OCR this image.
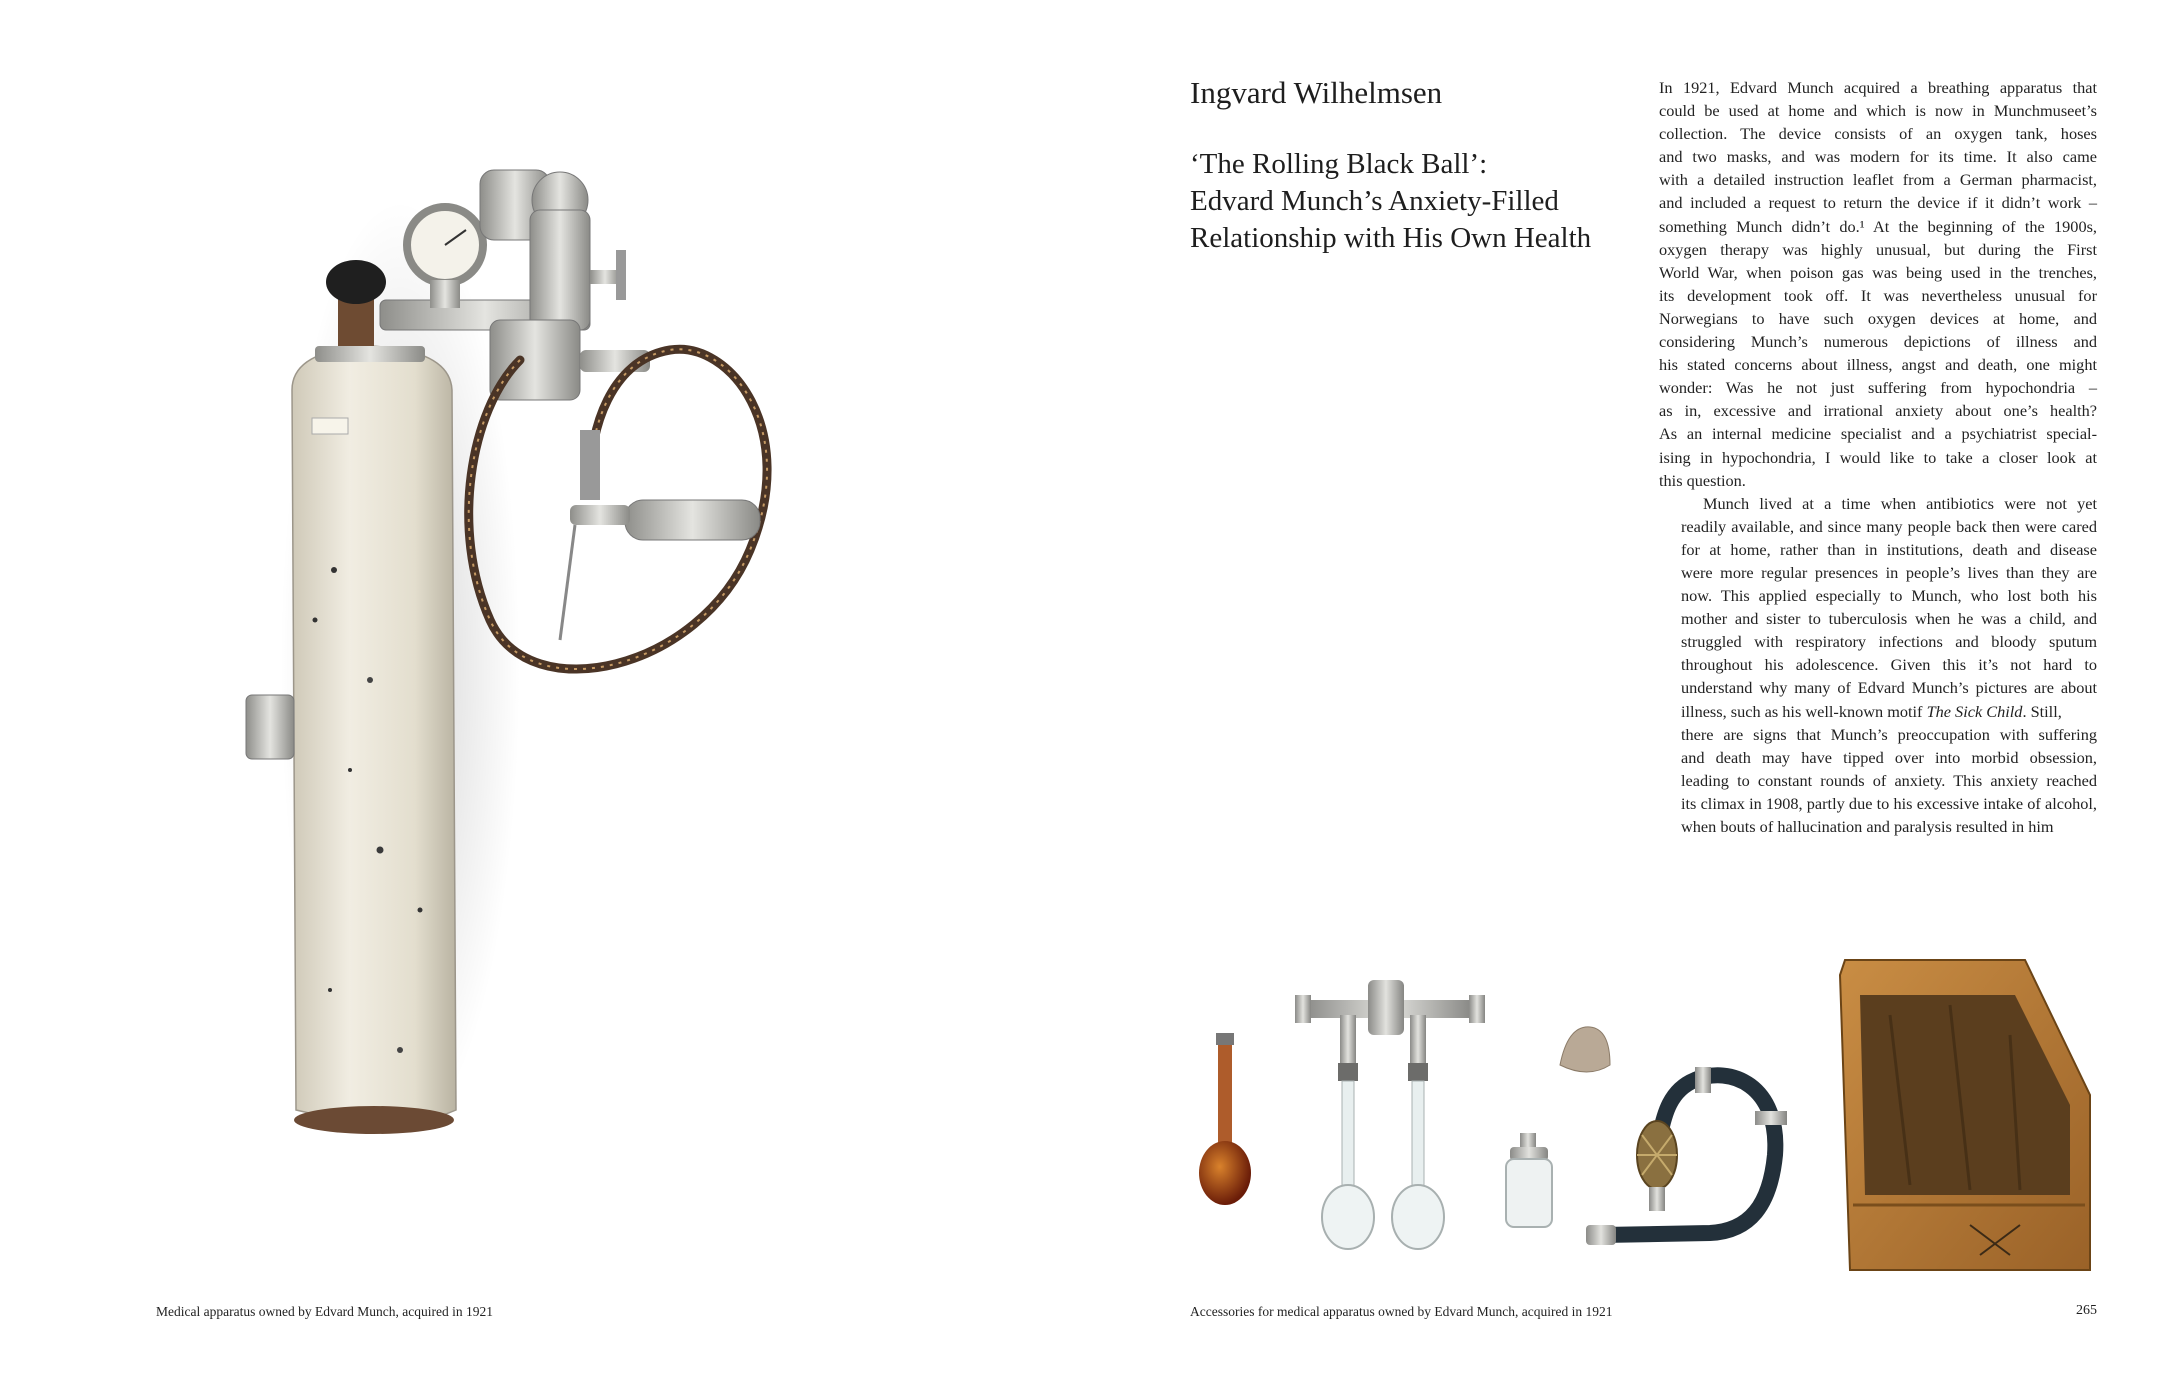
Medical apparatus owned by Edvard Munch, acquired in 1921
Ingvard Wilhelmsen
‘The Rolling Black Ball’:
Edvard Munch’s Anxiety-Filled
Relationship with His Own Health

In 1921, Edvard Munch acquired a breathing apparatus that
could be used at home and which is now in Munchmuseet’s
collection. The device consists of an oxygen tank, hoses
and two masks, and was modern for its time. It also came
with a detailed instruction leaflet from a German pharmacist,
and included a request to return the device if it didn’t work –
something Munch didn’t do.¹ At the beginning of the 1900s,
oxygen therapy was highly unusual, but during the First
World War, when poison gas was being used in the trenches,
its development took off. It was nevertheless unusual for
Norwegians to have such oxygen devices at home, and
considering Munch’s numerous depictions of illness and
his stated concerns about illness, angst and death, one might
wonder: Was he not just suffering from hypochondria –
as in, excessive and irrational anxiety about one’s health?
As an internal medicine specialist and a psychiatrist special-
ising in hypochondria, I would like to take a closer look at
this question.

Munch lived at a time when antibiotics were not yet
readily available, and since many people back then were cared
for at home, rather than in institutions, death and disease
were more regular presences in people’s lives than they are
now. This applied especially to Munch, who lost both his
mother and sister to tuberculosis when he was a child, and
struggled with respiratory infections and bloody sputum
throughout his adolescence. Given this it’s not hard to
understand why many of Edvard Munch’s pictures are about
illness, such as his well-known motif The Sick Child. Still,
there are signs that Munch’s preoccupation with suffering
and death may have tipped over into morbid obsession,
leading to constant rounds of anxiety. This anxiety reached
its climax in 1908, partly due to his excessive intake of alcohol,
when bouts of hallucination and paralysis resulted in him

Accessories for medical apparatus owned by Edvard Munch, acquired in 1921	265
